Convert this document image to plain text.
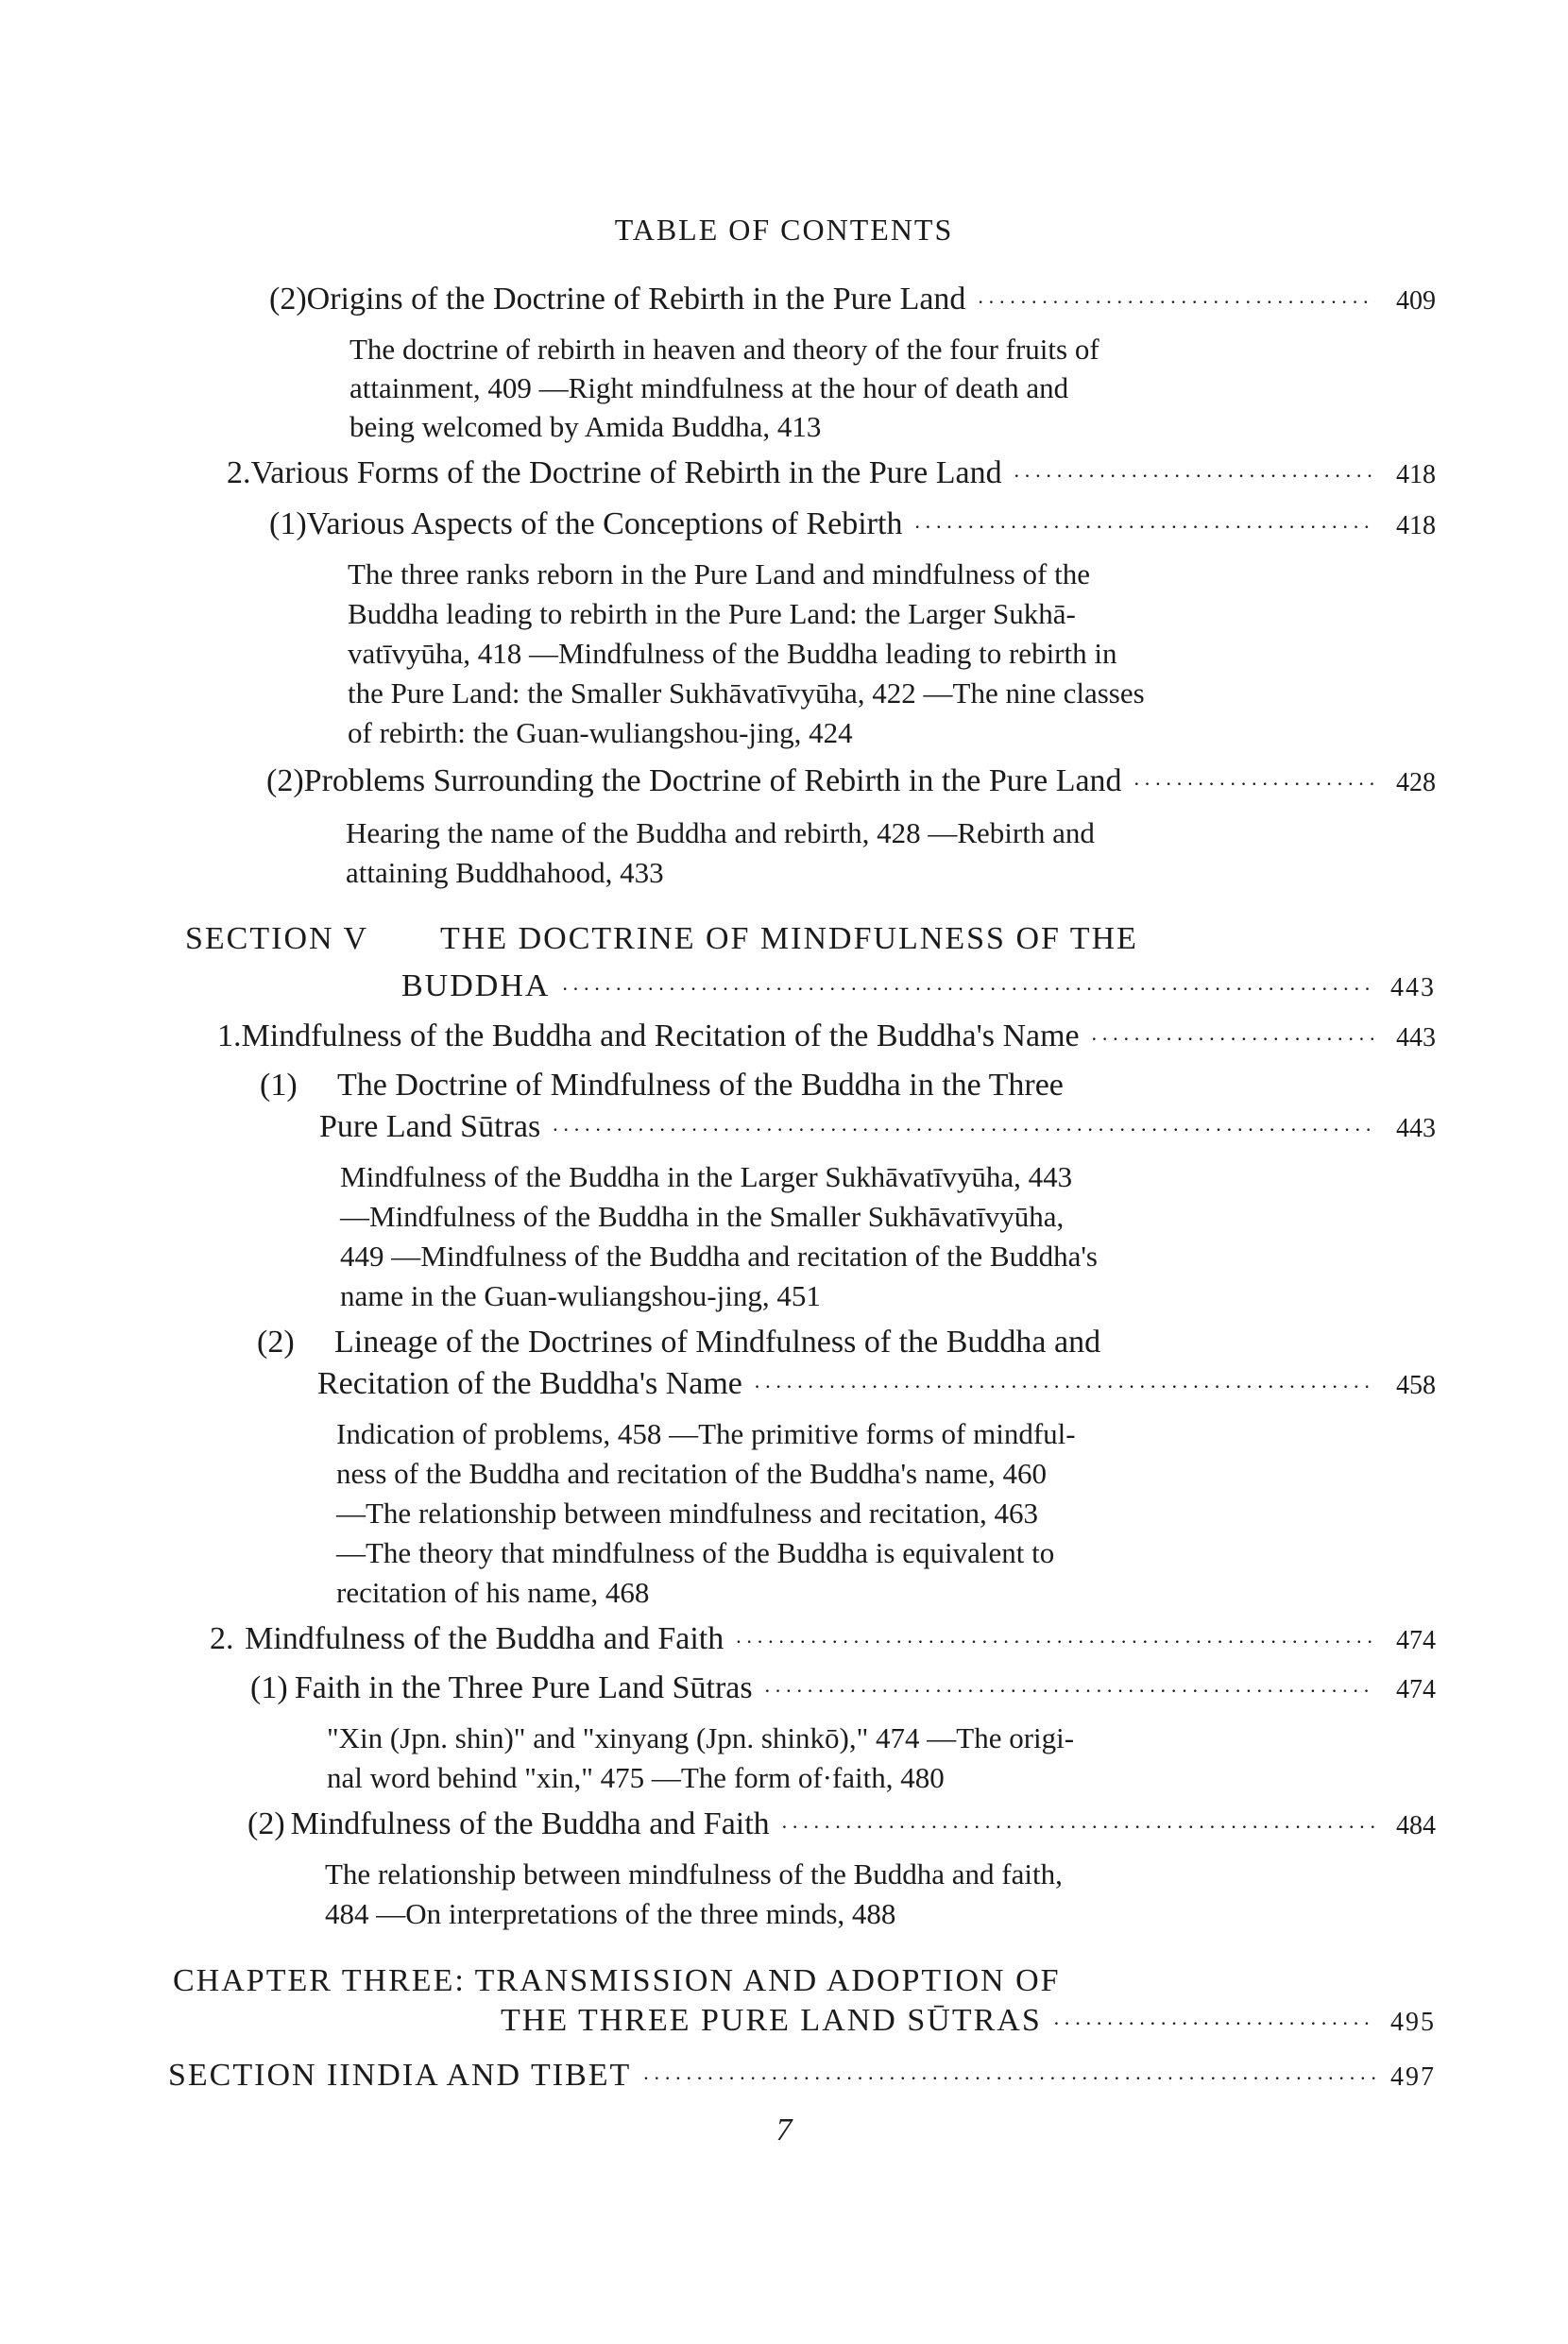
TABLE OF CONTENTS
(2) Origins of the Doctrine of Rebirth in the Pure Land ·····	409
The doctrine of rebirth in heaven and theory of the four fruits of
attainment, 409 —Right mindfulness at the hour of death and
being welcomed by Amida Buddha, 413
2. Various Forms of the Doctrine of Rebirth in the Pure Land ·····	418
(1) Various Aspects of the Conceptions of Rebirth ·····	418
The three ranks reborn in the Pure Land and mindfulness of the
Buddha leading to rebirth in the Pure Land: the Larger Sukhā-
vatīvyūha, 418 —Mindfulness of the Buddha leading to rebirth in
the Pure Land: the Smaller Sukhāvatīvyūha, 422 —The nine classes
of rebirth: the Guan-wuliangshou-jing, 424
(2) Problems Surrounding the Doctrine of Rebirth in the Pure Land ·····	428
Hearing the name of the Buddha and rebirth, 428 —Rebirth and
attaining Buddhahood, 433
SECTION V	THE DOCTRINE OF MINDFULNESS OF THE
BUDDHA ·····	443
1. Mindfulness of the Buddha and Recitation of the Buddha's Name ·····	443
(1)	The Doctrine of Mindfulness of the Buddha in the Three
Pure Land Sūtras ·····	443
Mindfulness of the Buddha in the Larger Sukhāvatīvyūha, 443
—Mindfulness of the Buddha in the Smaller Sukhāvatīvyūha,
449 —Mindfulness of the Buddha and recitation of the Buddha's
name in the Guan-wuliangshou-jing, 451
(2)	Lineage of the Doctrines of Mindfulness of the Buddha and
Recitation of the Buddha's Name ·····	458
Indication of problems, 458 —The primitive forms of mindful-
ness of the Buddha and recitation of the Buddha's name, 460
—The relationship between mindfulness and recitation, 463
—The theory that mindfulness of the Buddha is equivalent to
recitation of his name, 468
2. Mindfulness of the Buddha and Faith ·····	474
(1) Faith in the Three Pure Land Sūtras ·····	474
"Xin (Jpn. shin)" and "xinyang (Jpn. shinkō)," 474 —The origi-
nal word behind "xin," 475 —The form of·faith, 480
(2) Mindfulness of the Buddha and Faith ·····	484
The relationship between mindfulness of the Buddha and faith,
484 —On interpretations of the three minds, 488
CHAPTER THREE: TRANSMISSION AND ADOPTION OF
THE THREE PURE LAND SŪTRAS ·····	495
SECTION I INDIA AND TIBET ·····	497
7
